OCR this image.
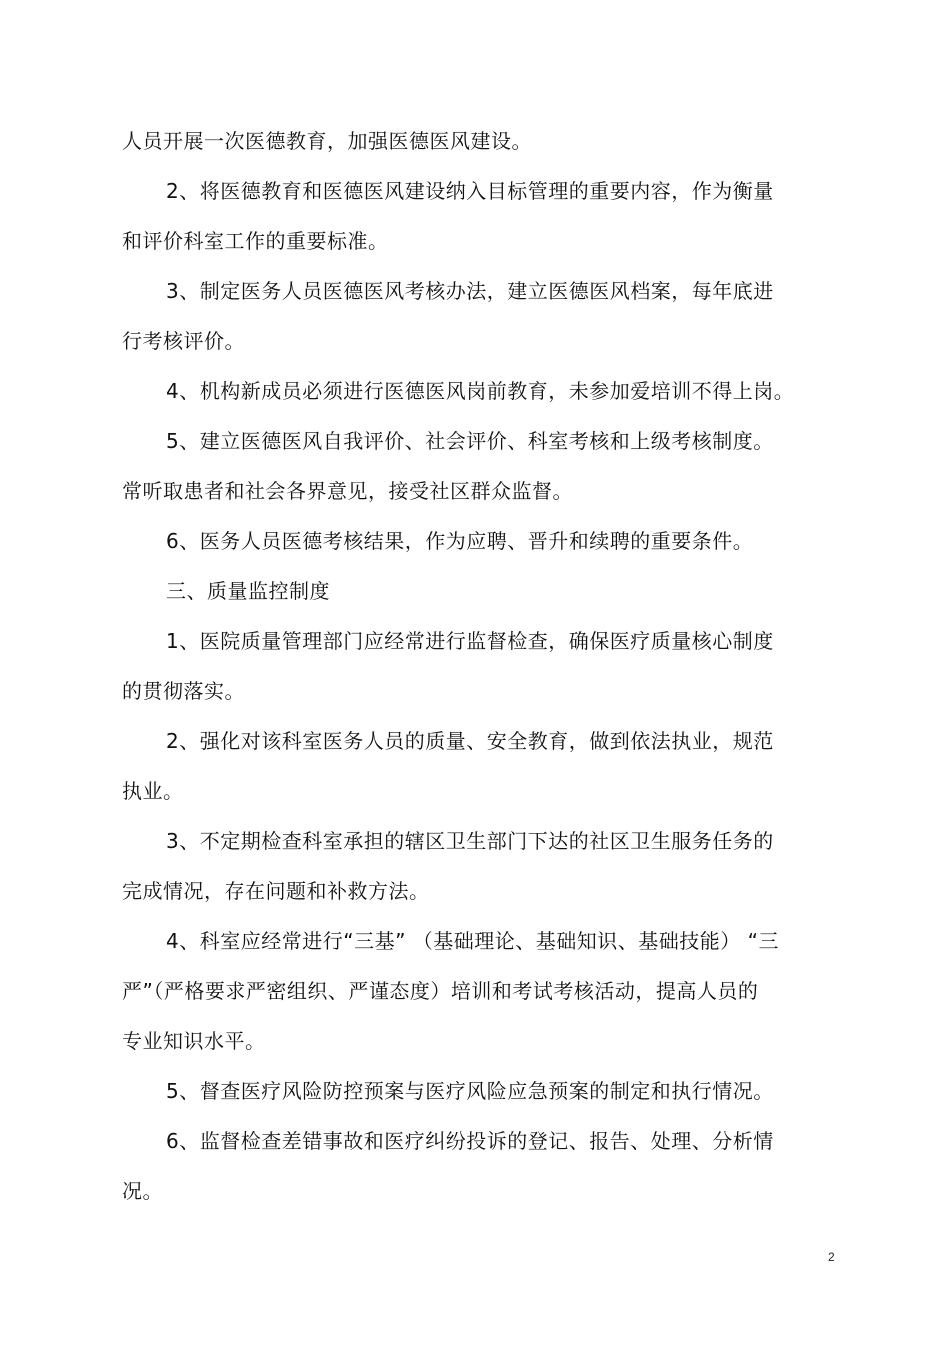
人员开展一次医德教育，加强医德医风建设。
2、将医德教育和医德医风建设纳入目标管理的重要内容，作为衡量
和评价科室工作的重要标准。
3、制定医务人员医德医风考核办法，建立医德医风档案，每年底进
行考核评价。
4、机构新成员必须进行医德医风岗前教育，未参加爱培训不得上岗。
5、建立医德医风自我评价、社会评价、科室考核和上级考核制度。
常听取患者和社会各界意见，接受社区群众监督。
6、医务人员医德考核结果，作为应聘、晋升和续聘的重要条件。
三、质量监控制度
1、医院质量管理部门应经常进行监督检查，确保医疗质量核心制度
的贯彻落实。
2、强化对该科室医务人员的质量、安全教育，做到依法执业，规范
执业。
3、不定期检查科室承担的辖区卫生部门下达的社区卫生服务任务的
完成情况，存在问题和补救方法。
4、科室应经常进行“三基” （基础理论、基础知识、基础技能） “三
严”（严格要求严密组织、严谨态度）培训和考试考核活动，提高人员的
专业知识水平。
5、督查医疗风险防控预案与医疗风险应急预案的制定和执行情况。
6、监督检查差错事故和医疗纠纷投诉的登记、报告、处理、分析情
况。
2
